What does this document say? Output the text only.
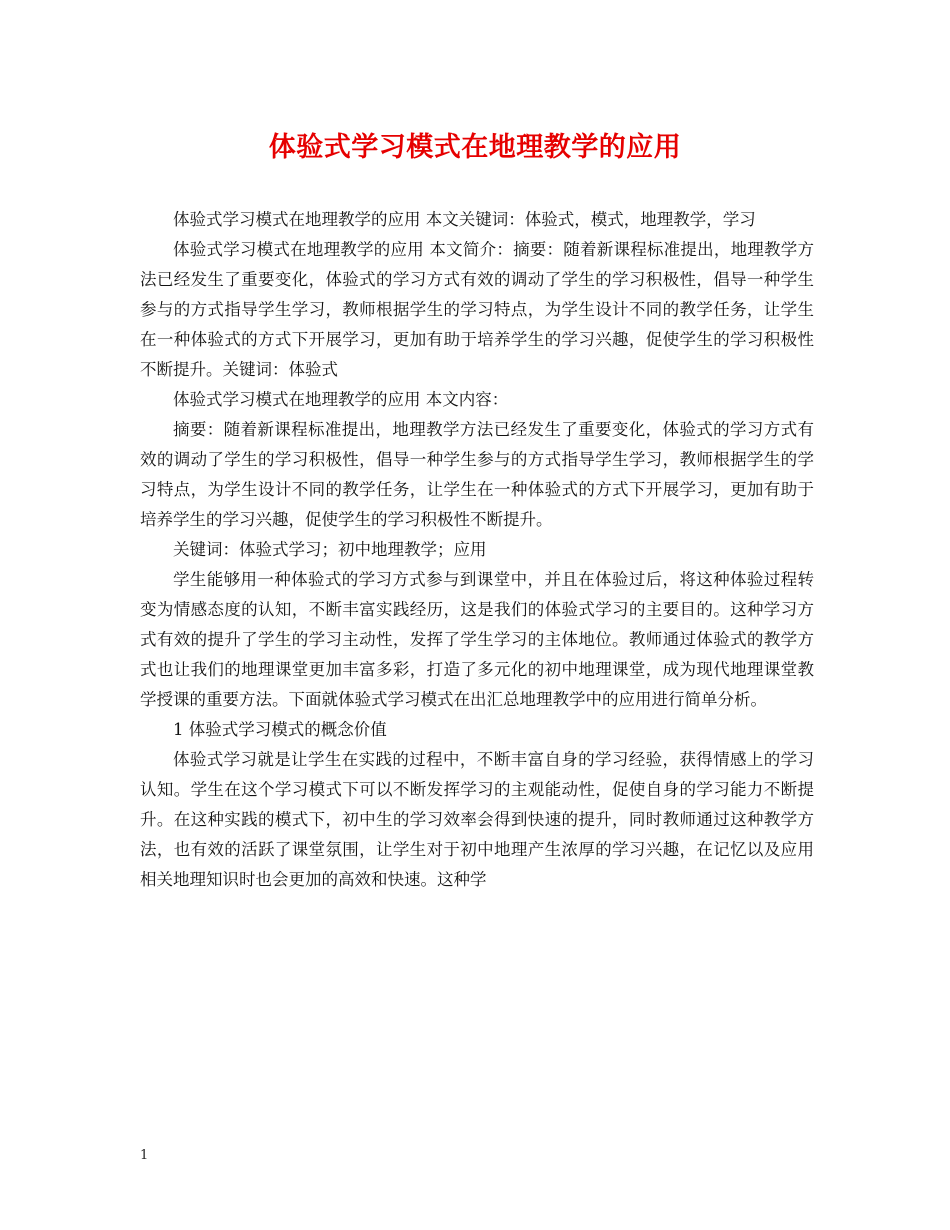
体验式学习模式在地理教学的应用

体验式学习模式在地理教学的应用 本文关键词：体验式，模式，地理教学，学习

体验式学习模式在地理教学的应用 本文简介：摘要：随着新课程标准提出，地理教学方法已经发生了重要变化，体验式的学习方式有效的调动了学生的学习积极性，倡导一种学生参与的方式指导学生学习，教师根据学生的学习特点，为学生设计不同的教学任务，让学生在一种体验式的方式下开展学习，更加有助于培养学生的学习兴趣，促使学生的学习积极性不断提升。关键词：体验式

体验式学习模式在地理教学的应用 本文内容：

摘要：随着新课程标准提出，地理教学方法已经发生了重要变化，体验式的学习方式有效的调动了学生的学习积极性，倡导一种学生参与的方式指导学生学习，教师根据学生的学习特点，为学生设计不同的教学任务，让学生在一种体验式的方式下开展学习，更加有助于培养学生的学习兴趣，促使学生的学习积极性不断提升。

关键词：体验式学习；初中地理教学；应用

学生能够用一种体验式的学习方式参与到课堂中，并且在体验过后，将这种体验过程转变为情感态度的认知，不断丰富实践经历，这是我们的体验式学习的主要目的。这种学习方式有效的提升了学生的学习主动性，发挥了学生学习的主体地位。教师通过体验式的教学方式也让我们的地理课堂更加丰富多彩，打造了多元化的初中地理课堂，成为现代地理课堂教学授课的重要方法。下面就体验式学习模式在出汇总地理教学中的应用进行简单分析。

1 体验式学习模式的概念价值

体验式学习就是让学生在实践的过程中，不断丰富自身的学习经验，获得情感上的学习认知。学生在这个学习模式下可以不断发挥学习的主观能动性，促使自身的学习能力不断提升。在这种实践的模式下，初中生的学习效率会得到快速的提升，同时教师通过这种教学方法，也有效的活跃了课堂氛围，让学生对于初中地理产生浓厚的学习兴趣，在记忆以及应用相关地理知识时也会更加的高效和快速。这种学

1
